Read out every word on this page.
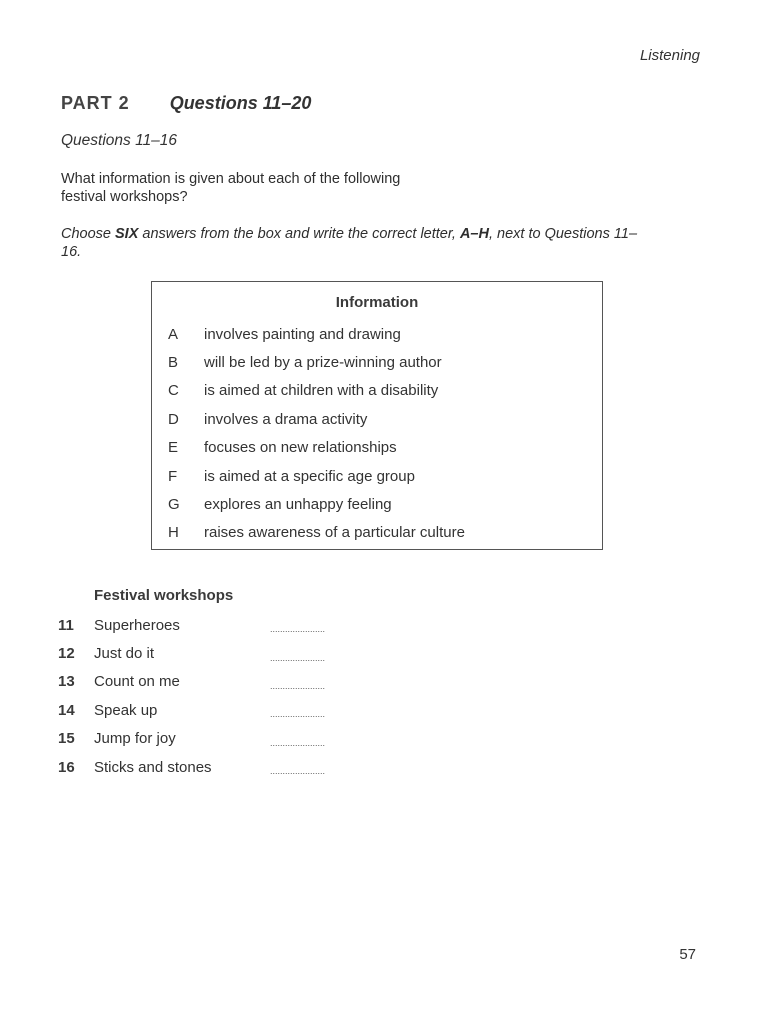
Listening
PART 2 Questions 11–20
Questions 11–16
What information is given about each of the following
festival workshops?
Choose SIX answers from the box and write the correct letter, A–H, next to Questions 11–16.
Information
A	involves painting and drawing
B	will be led by a prize-winning author
C	is aimed at children with a disability
D	involves a drama activity
E	focuses on new relationships
F	is aimed at a specific age group
G	explores an unhappy feeling
H	raises awareness of a particular culture
Festival workshops
11	Superheroes	......................
12	Just do it	......................
13	Count on me	......................
14	Speak up	......................
15	Jump for joy	......................
16	Sticks and stones	......................
57
